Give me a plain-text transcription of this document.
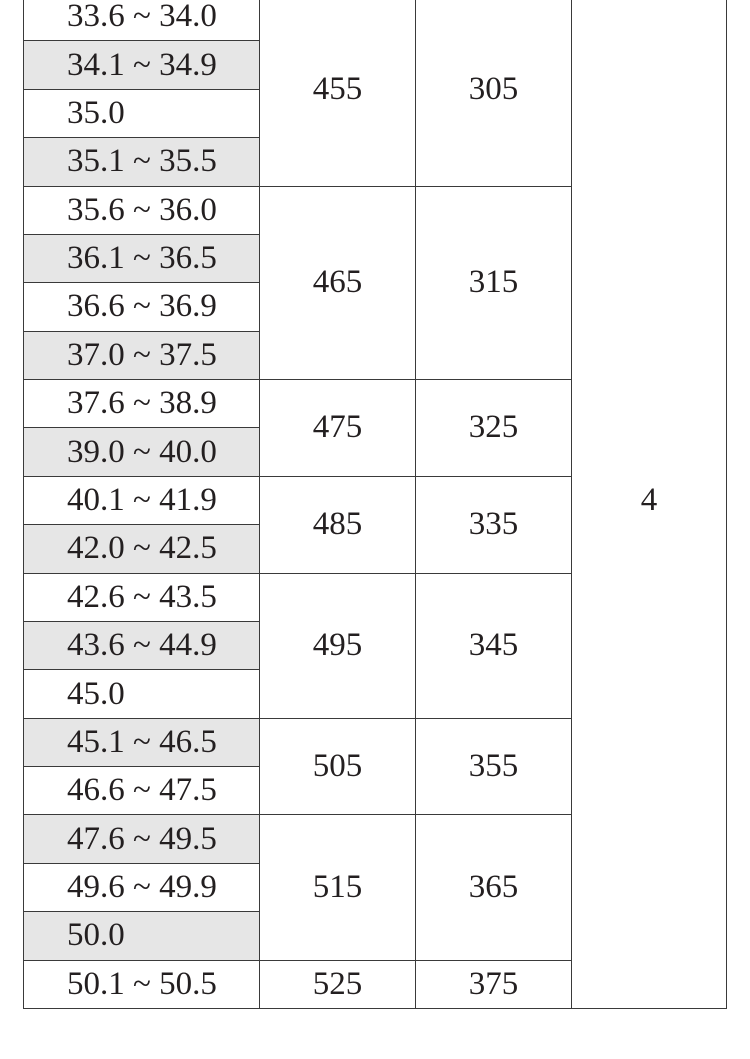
33.6 ~ 34.0
34.1 ~ 34.9
35.0
35.1 ~ 35.5
35.6 ~ 36.0
36.1 ~ 36.5
36.6 ~ 36.9
37.0 ~ 37.5
37.6 ~ 38.9
39.0 ~ 40.0
40.1 ~ 41.9
42.0 ~ 42.5
42.6 ~ 43.5
43.6 ~ 44.9
45.0
45.1 ~ 46.5
46.6 ~ 47.5
47.6 ~ 49.5
49.6 ~ 49.9
50.0
50.1 ~ 50.5
455
465
475
485
495
505
515
525
305
315
325
335
345
355
365
375
4
